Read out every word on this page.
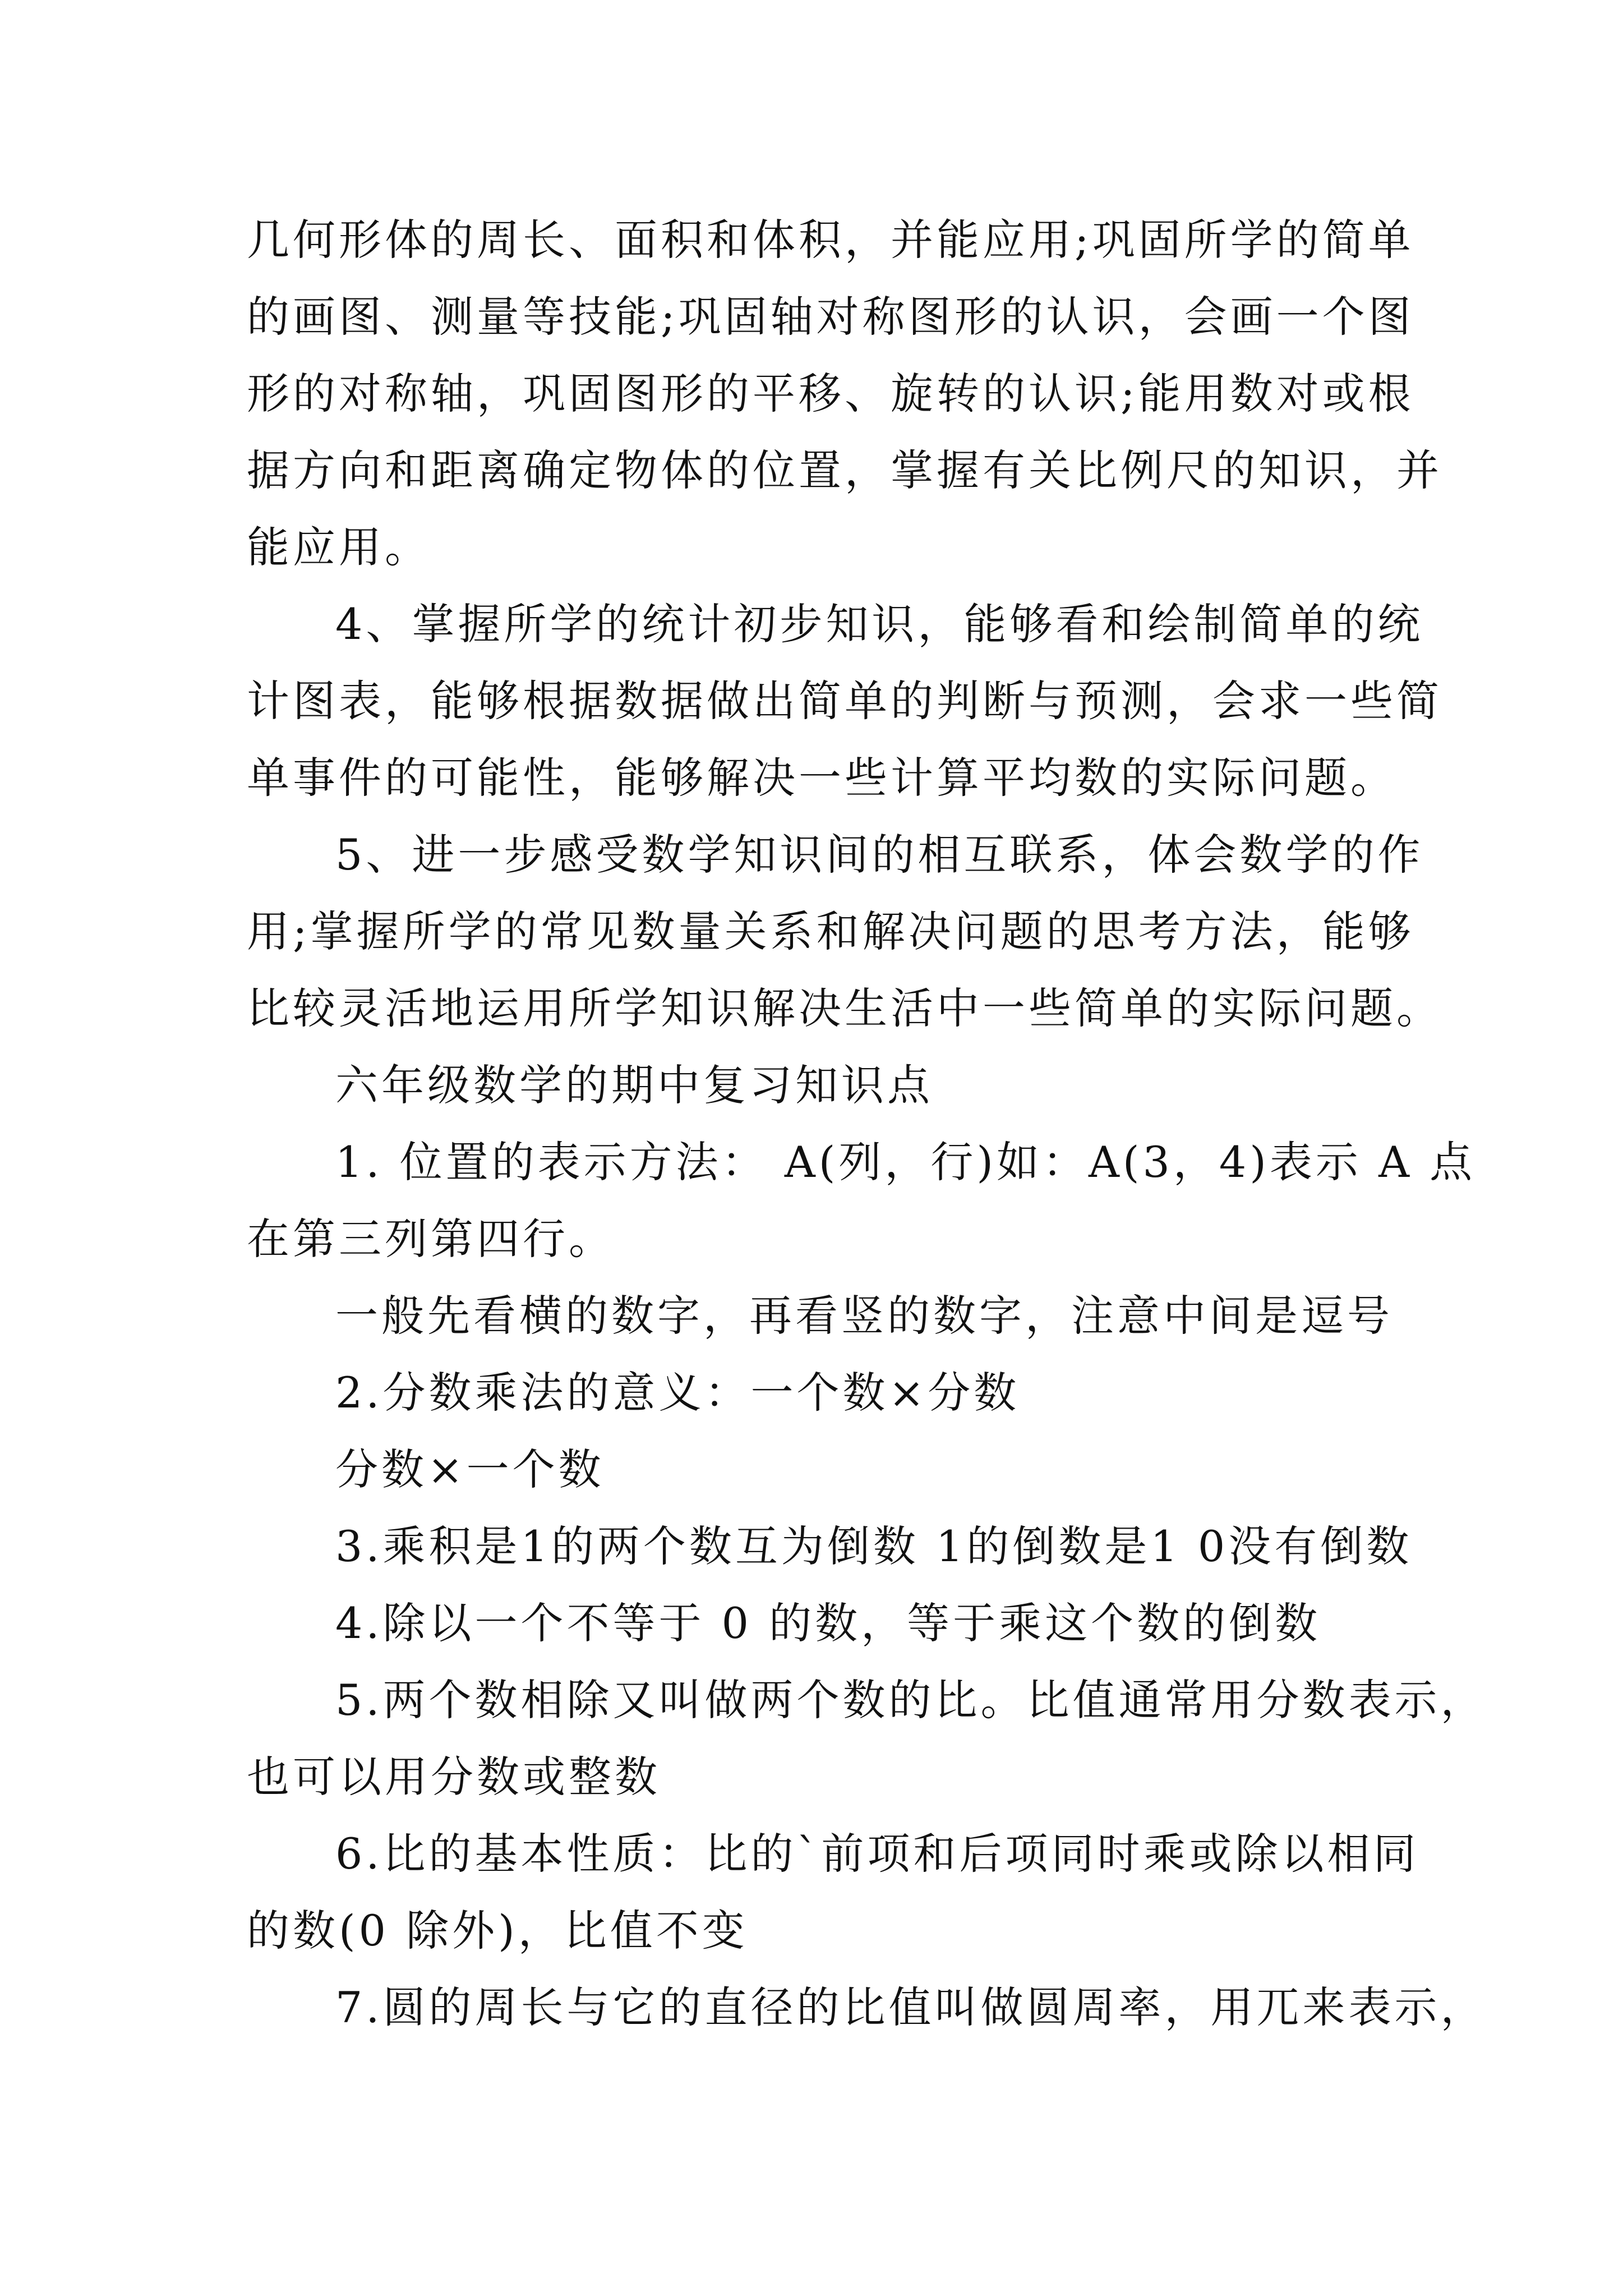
几何形体的周长、面积和体积，并能应用;巩固所学的简单

的画图、测量等技能;巩固轴对称图形的认识，会画一个图

形的对称轴，巩固图形的平移、旋转的认识;能用数对或根

据方向和距离确定物体的位置，掌握有关比例尺的知识，并

能应用。

4、掌握所学的统计初步知识，能够看和绘制简单的统

计图表，能够根据数据做出简单的判断与预测，会求一些简

单事件的可能性，能够解决一些计算平均数的实际问题。

5、进一步感受数学知识间的相互联系，体会数学的作

用;掌握所学的常见数量关系和解决问题的思考方法，能够

比较灵活地运用所学知识解决生活中一些简单的实际问题。

六年级数学的期中复习知识点

1. 位置的表示方法： A(列，行)如：A(3，4)表示 A 点

在第三列第四行。

一般先看横的数字，再看竖的数字，注意中间是逗号

2.分数乘法的意义：一个数×分数

分数×一个数

3.乘积是1的两个数互为倒数 1的倒数是1 0没有倒数

4.除以一个不等于 0 的数，等于乘这个数的倒数

5.两个数相除又叫做两个数的比。比值通常用分数表示，

也可以用分数或整数

6.比的基本性质：比的`前项和后项同时乘或除以相同

的数(0 除外)，比值不变

7.圆的周长与它的直径的比值叫做圆周率，用兀来表示，
